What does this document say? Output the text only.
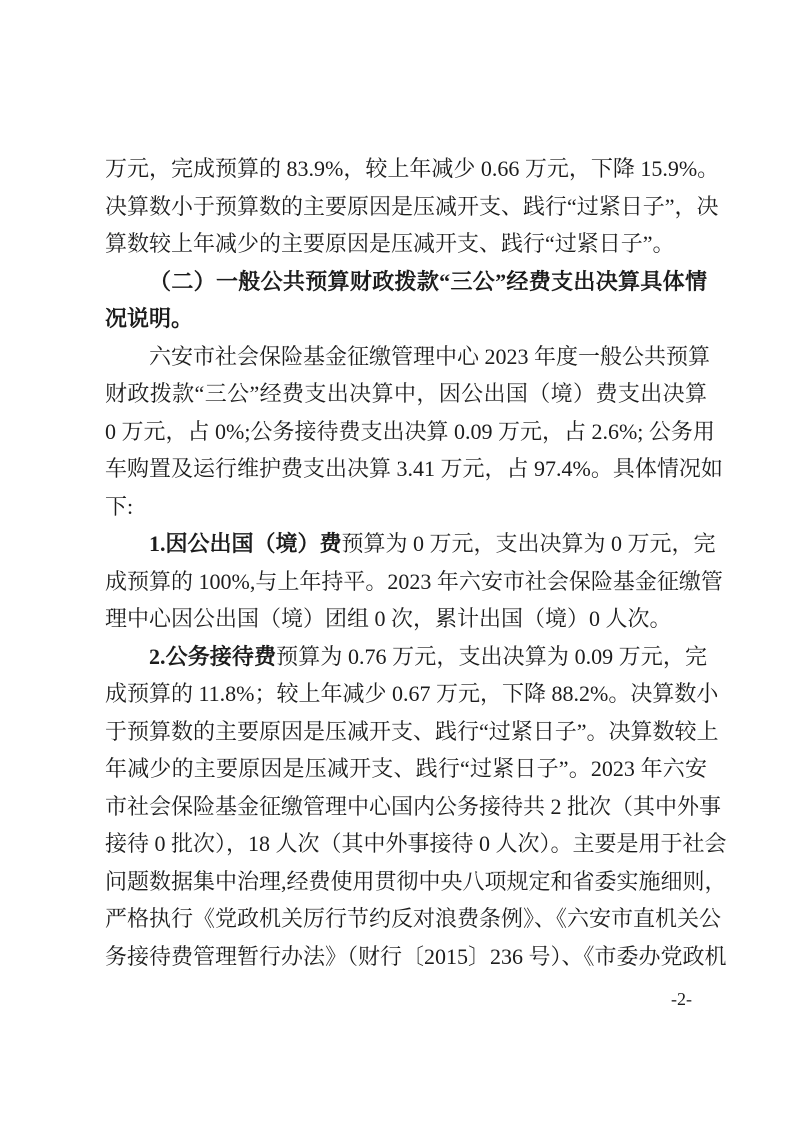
万元，完成预算的 83.9%，较上年减少 0.66 万元，下降 15.9%。

决算数小于预算数的主要原因是压减开支、践行“过紧日子”，决

算数较上年减少的主要原因是压减开支、践行“过紧日子”。

（二）一般公共预算财政拨款“三公”经费支出决算具体情

况说明。

六安市社会保险基金征缴管理中心 2023 年度一般公共预算

财政拨款“三公”经费支出决算中，因公出国（境）费支出决算

0 万元，占 0%;公务接待费支出决算 0.09 万元，占 2.6%; 公务用

车购置及运行维护费支出决算 3.41 万元，占 97.4%。具体情况如

下:

1.因公出国（境）费预算为 0 万元，支出决算为 0 万元，完

成预算的 100%,与上年持平。2023 年六安市社会保险基金征缴管

理中心因公出国（境）团组 0 次，累计出国（境）0 人次。

2.公务接待费预算为 0.76 万元，支出决算为 0.09 万元，完

成预算的 11.8%；较上年减少 0.67 万元，下降 88.2%。决算数小

于预算数的主要原因是压减开支、践行“过紧日子”。决算数较上

年减少的主要原因是压减开支、践行“过紧日子”。2023 年六安

市社会保险基金征缴管理中心国内公务接待共 2 批次（其中外事

接待 0 批次），18 人次（其中外事接待 0 人次）。主要是用于社会

问题数据集中治理,经费使用贯彻中央八项规定和省委实施细则，

严格执行《党政机关厉行节约反对浪费条例》、《六安市直机关公

务接待费管理暂行办法》（财行〔2015〕236 号）、《市委办党政机

-2-
